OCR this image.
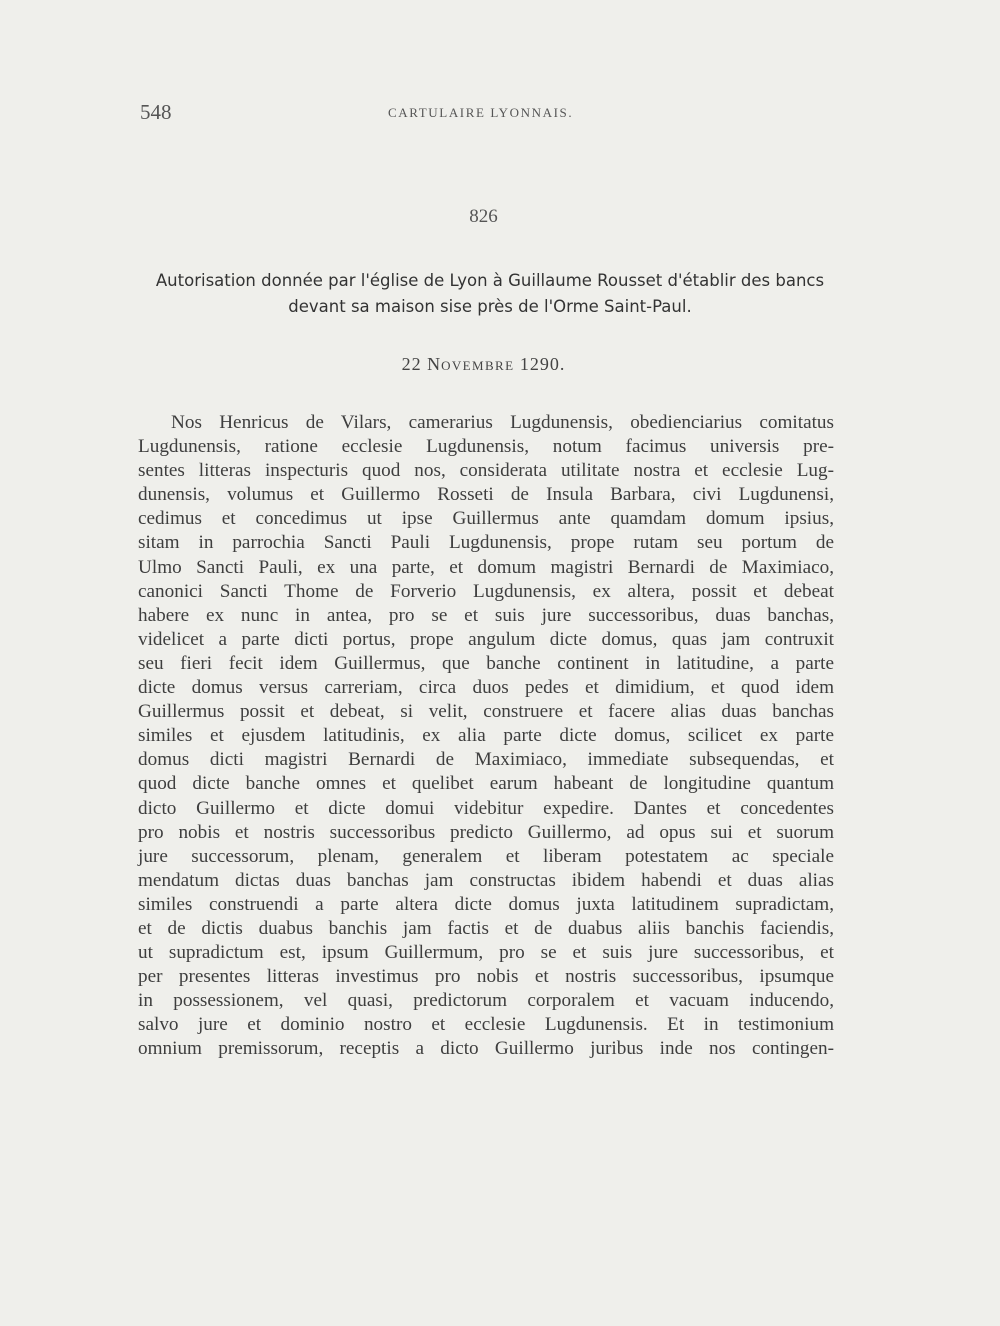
548	CARTULAIRE LYONNAIS.
826
Autorisation donnée par l'église de Lyon à Guillaume Rousset d'établir des bancs
devant sa maison sise près de l'Orme Saint-Paul.
22 NOVEMBRE 1290.
Nos Henricus de Vilars, camerarius Lugdunensis, obedienciarius comitatus
Lugdunensis, ratione ecclesie Lugdunensis, notum facimus universis pre-
sentes litteras inspecturis quod nos, considerata utilitate nostra et ecclesie Lug-
dunensis, volumus et Guillermo Rosseti de Insula Barbara, civi Lugdunensi,
cedimus et concedimus ut ipse Guillermus ante quamdam domum ipsius,
sitam in parrochia Sancti Pauli Lugdunensis, prope rutam seu portum de
Ulmo Sancti Pauli, ex una parte, et domum magistri Bernardi de Maximiaco,
canonici Sancti Thome de Forverio Lugdunensis, ex altera, possit et debeat
habere ex nunc in antea, pro se et suis jure successoribus, duas banchas,
videlicet a parte dicti portus, prope angulum dicte domus, quas jam contruxit
seu fieri fecit idem Guillermus, que banche continent in latitudine, a parte
dicte domus versus carreriam, circa duos pedes et dimidium, et quod idem
Guillermus possit et debeat, si velit, construere et facere alias duas banchas
similes et ejusdem latitudinis, ex alia parte dicte domus, scilicet ex parte
domus dicti magistri Bernardi de Maximiaco, immediate subsequendas, et
quod dicte banche omnes et quelibet earum habeant de longitudine quantum
dicto Guillermo et dicte domui videbitur expedire. Dantes et concedentes
pro nobis et nostris successoribus predicto Guillermo, ad opus sui et suorum
jure successorum, plenam, generalem et liberam potestatem ac speciale
mendatum dictas duas banchas jam constructas ibidem habendi et duas alias
similes construendi a parte altera dicte domus juxta latitudinem supradictam,
et de dictis duabus banchis jam factis et de duabus aliis banchis faciendis,
ut supradictum est, ipsum Guillermum, pro se et suis jure successoribus, et
per presentes litteras investimus pro nobis et nostris successoribus, ipsumque
in possessionem, vel quasi, predictorum corporalem et vacuam inducendo,
salvo jure et dominio nostro et ecclesie Lugdunensis. Et in testimonium
omnium premissorum, receptis a dicto Guillermo juribus inde nos contingen-
